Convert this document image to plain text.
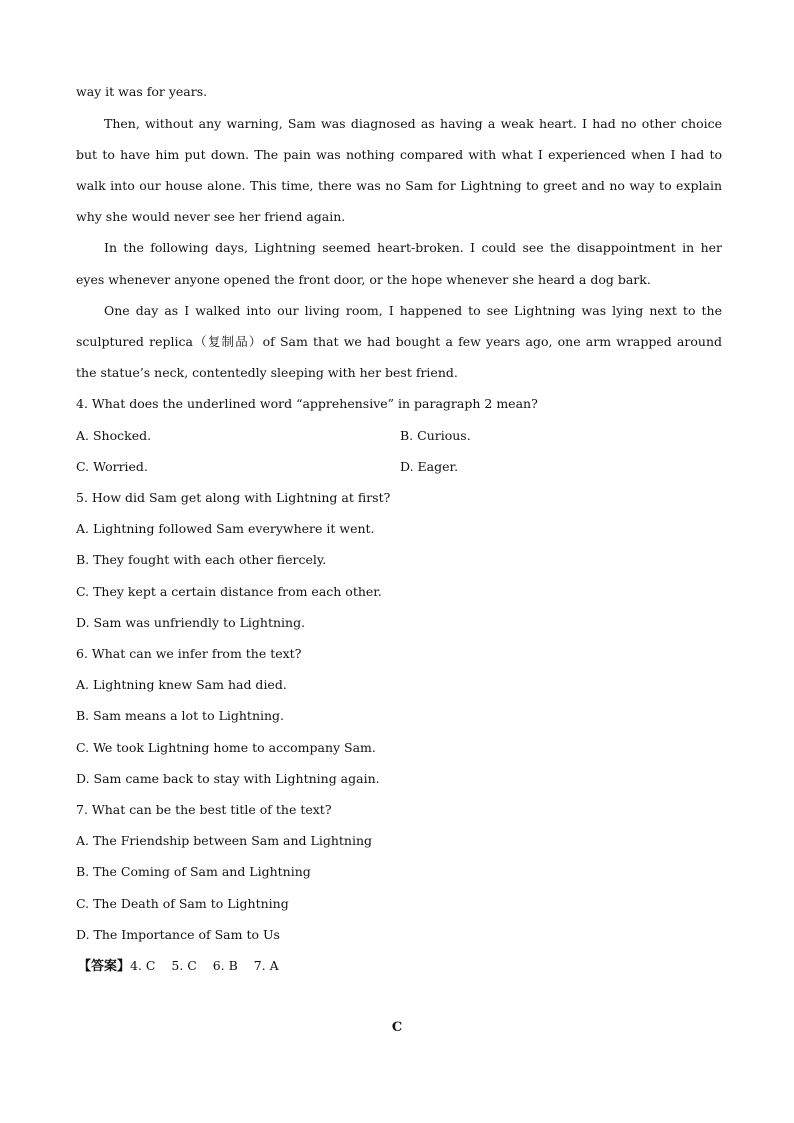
way it was for years.
Then, without any warning, Sam was diagnosed as having a weak heart. I had no other choice
but to have him put down. The pain was nothing compared with what I experienced when I had to
walk into our house alone. This time, there was no Sam for Lightning to greet and no way to explain
why she would never see her friend again.
In the following days, Lightning seemed heart-broken. I could see the disappointment in her
eyes whenever anyone opened the front door, or the hope whenever she heard a dog bark.
One day as I walked into our living room, I happened to see Lightning was lying next to the
sculptured replica（复制品）of Sam that we had bought a few years ago, one arm wrapped around
the statue’s neck, contentedly sleeping with her best friend.
4. What does the underlined word “apprehensive” in paragraph 2 mean?
A. Shocked.	B. Curious.
C. Worried.	D. Eager.
5. How did Sam get along with Lightning at first?
A. Lightning followed Sam everywhere it went.
B. They fought with each other fiercely.
C. They kept a certain distance from each other.
D. Sam was unfriendly to Lightning.
6. What can we infer from the text?
A. Lightning knew Sam had died.
B. Sam means a lot to Lightning.
C. We took Lightning home to accompany Sam.
D. Sam came back to stay with Lightning again.
7. What can be the best title of the text?
A. The Friendship between Sam and Lightning
B. The Coming of Sam and Lightning
C. The Death of Sam to Lightning
D. The Importance of Sam to Us
【答案】4. C    5. C    6. B    7. A
C
